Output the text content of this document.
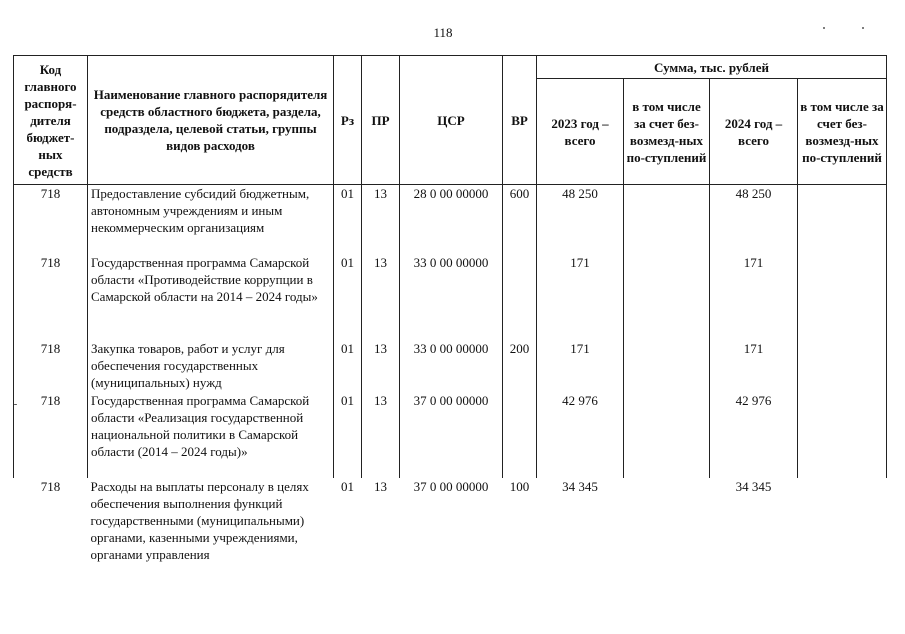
118
Код главного распоря-дителя бюджет-ных средств	Наименование главного распорядителя средств областного бюджета, раздела, подраздела, целевой статьи, группы видов расходов	Рз	ПР	ЦСР	ВР	Сумма, тыс. рублей			
						2023 год – всего	в том числе за счет без-возмезд-ных по-ступлений	2024 год – всего	в том числе за счет без-возмезд-ных по-ступлений
718	Предоставление субсидий бюджетным, автономным учреждениям и иным некоммерческим организациям	01	13	28 0 00 00000	600	48 250		48 250	
718	Государственная программа Самарской области «Противодействие коррупции в Самарской области на 2014 – 2024 годы»	01	13	33 0 00 00000		171		171	
718	Закупка товаров, работ и услуг для обеспечения государственных (муниципальных) нужд	01	13	33 0 00 00000	200	171		171	
718	Государственная программа Самарской области «Реализация государственной национальной политики в Самарской области (2014 – 2024 годы)»	01	13	37 0 00 00000		42 976		42 976	
718	Расходы на выплаты персоналу в целях обеспечения выполнения функций государственными (муниципальными) органами, казенными учреждениями, органами управления	01	13	37 0 00 00000	100	34 345		34 345	
